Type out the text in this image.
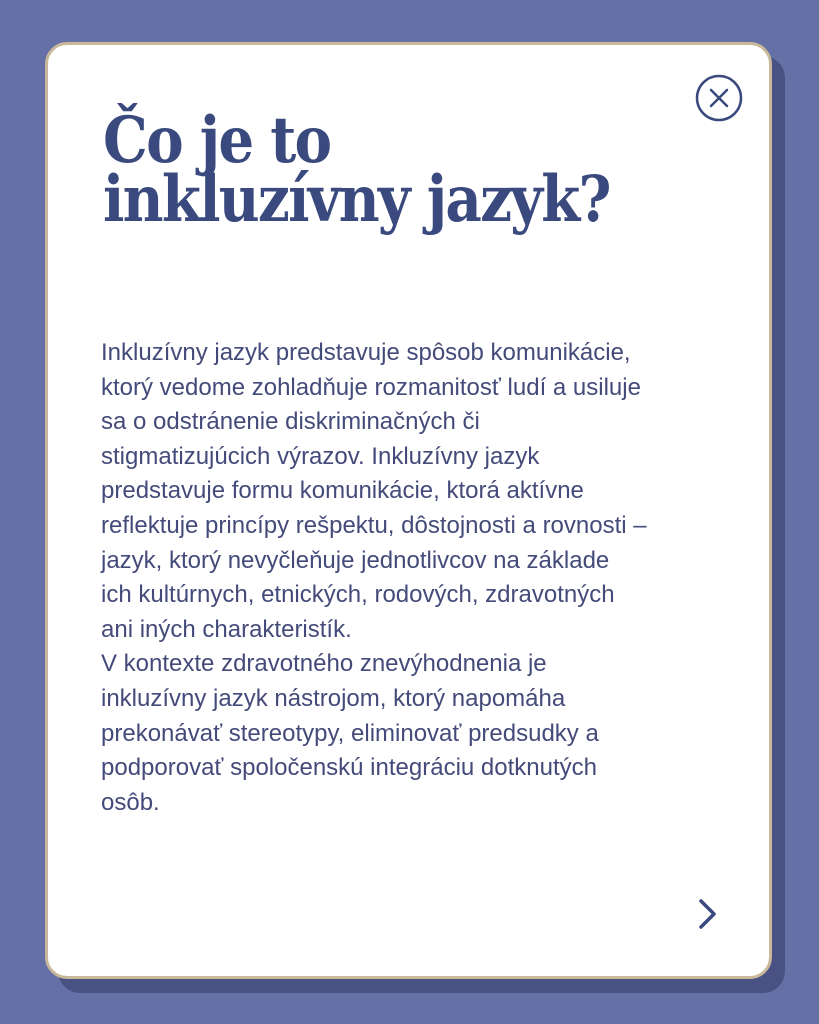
Čo je to
inkluzívny jazyk?
Inkluzívny jazyk predstavuje spôsob komunikácie,
ktorý vedome zohladňuje rozmanitosť ludí a usiluje
sa o odstránenie diskriminačných či
stigmatizujúcich výrazov. Inkluzívny jazyk
predstavuje formu komunikácie, ktorá aktívne
reflektuje princípy rešpektu, dôstojnosti a rovnosti –
jazyk, ktorý nevyčleňuje jednotlivcov na základe
ich kultúrnych, etnických, rodových, zdravotných
ani iných charakteristík.
V kontexte zdravotného znevýhodnenia je
inkluzívny jazyk nástrojom, ktorý napomáha
prekonávať stereotypy, eliminovať predsudky a
podporovať spoločenskú integráciu dotknutých
osôb.
